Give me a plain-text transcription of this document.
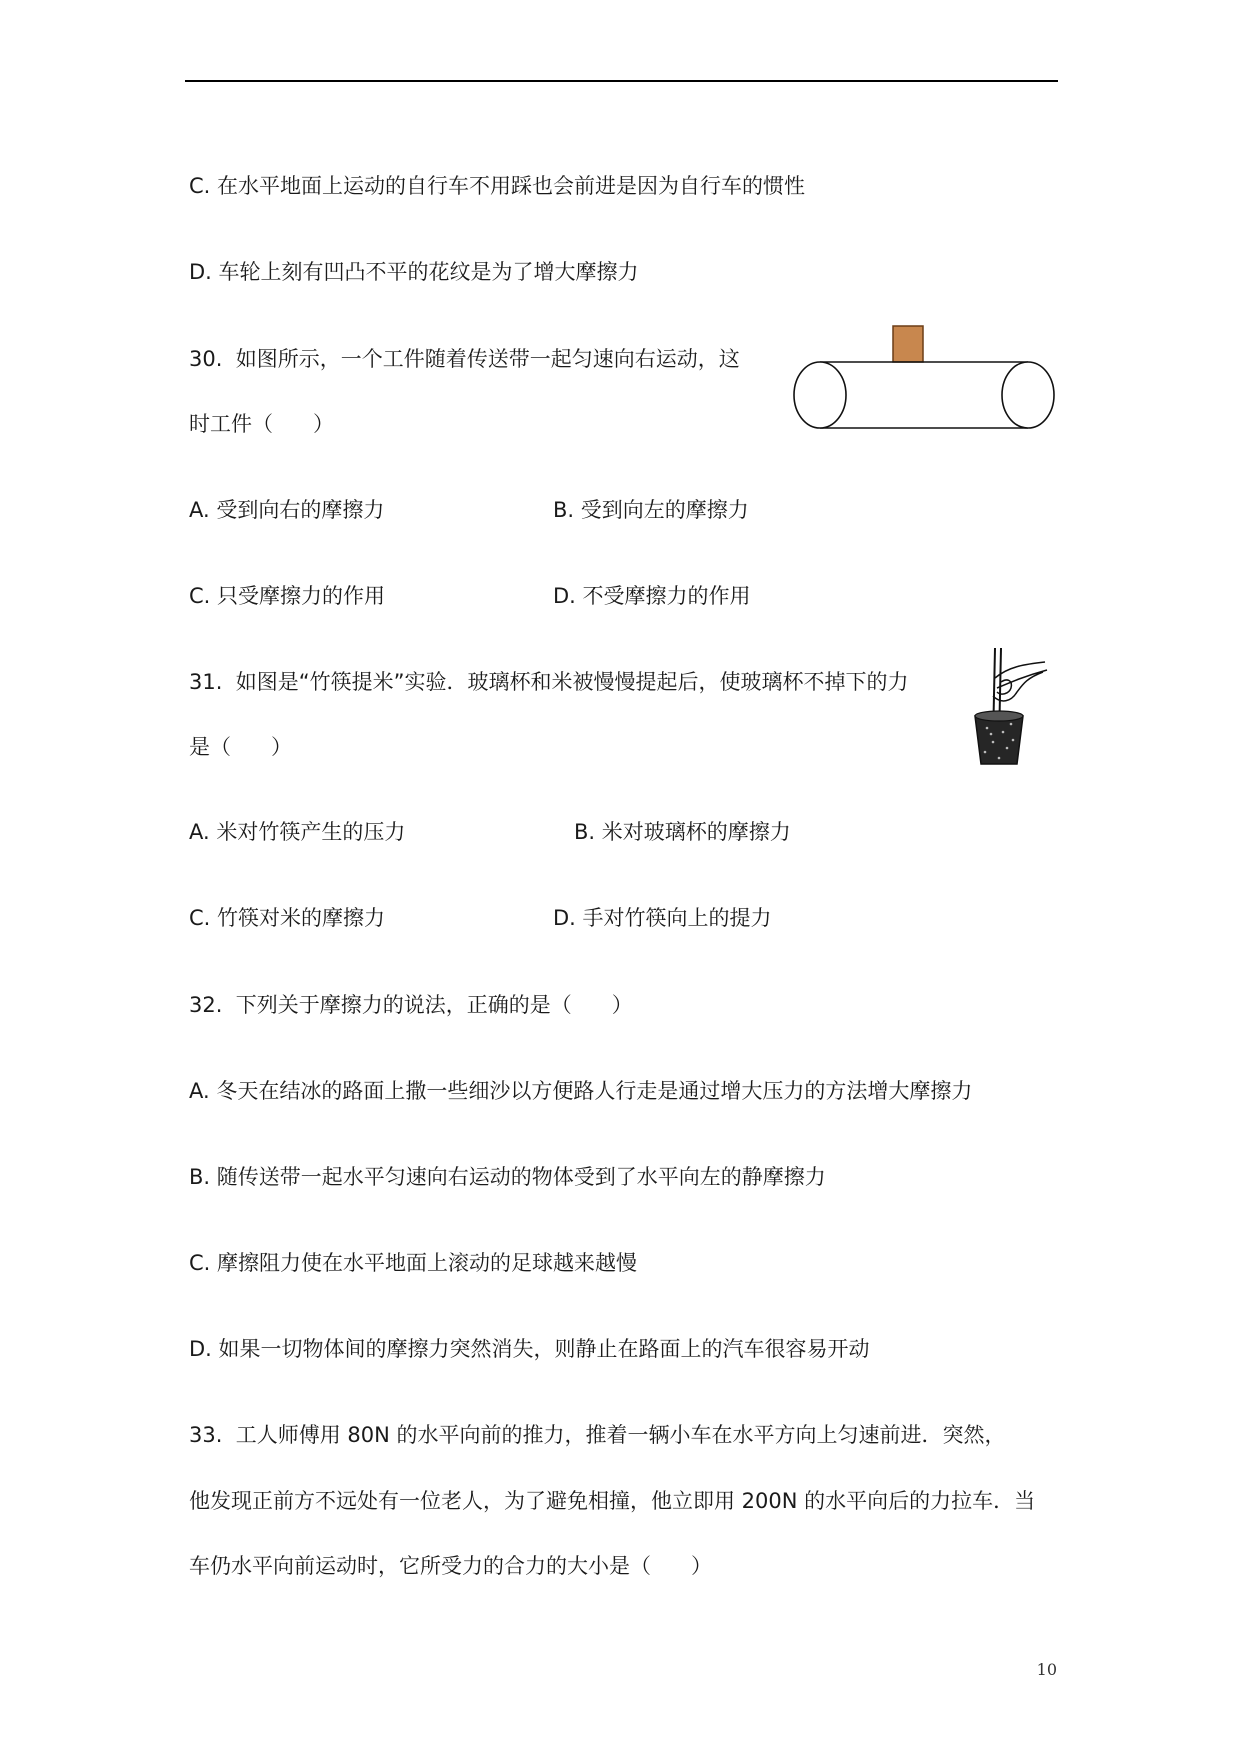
C. 在水平地面上运动的自行车不用踩也会前进是因为自行车的惯性
D. 车轮上刻有凹凸不平的花纹是为了增大摩擦力
30.  如图所示，一个工件随着传送带一起匀速向右运动，这
时工件（      ）
A. 受到向右的摩擦力	B. 受到向左的摩擦力
C. 只受摩擦力的作用	D. 不受摩擦力的作用
31.  如图是“竹筷提米”实验．玻璃杯和米被慢慢提起后，使玻璃杯不掉下的力
是（      ）
A. 米对竹筷产生的压力	B. 米对玻璃杯的摩擦力
C. 竹筷对米的摩擦力	D. 手对竹筷向上的提力
32.  下列关于摩擦力的说法，正确的是（      ）
A. 冬天在结冰的路面上撒一些细沙以方便路人行走是通过增大压力的方法增大摩擦力
B. 随传送带一起水平匀速向右运动的物体受到了水平向左的静摩擦力
C. 摩擦阻力使在水平地面上滚动的足球越来越慢
D. 如果一切物体间的摩擦力突然消失，则静止在路面上的汽车很容易开动
33.  工人师傅用 80N 的水平向前的推力，推着一辆小车在水平方向上匀速前进．突然，
他发现正前方不远处有一位老人，为了避免相撞，他立即用 200N 的水平向后的力拉车．当
车仍水平向前运动时，它所受力的合力的大小是（      ）
10
